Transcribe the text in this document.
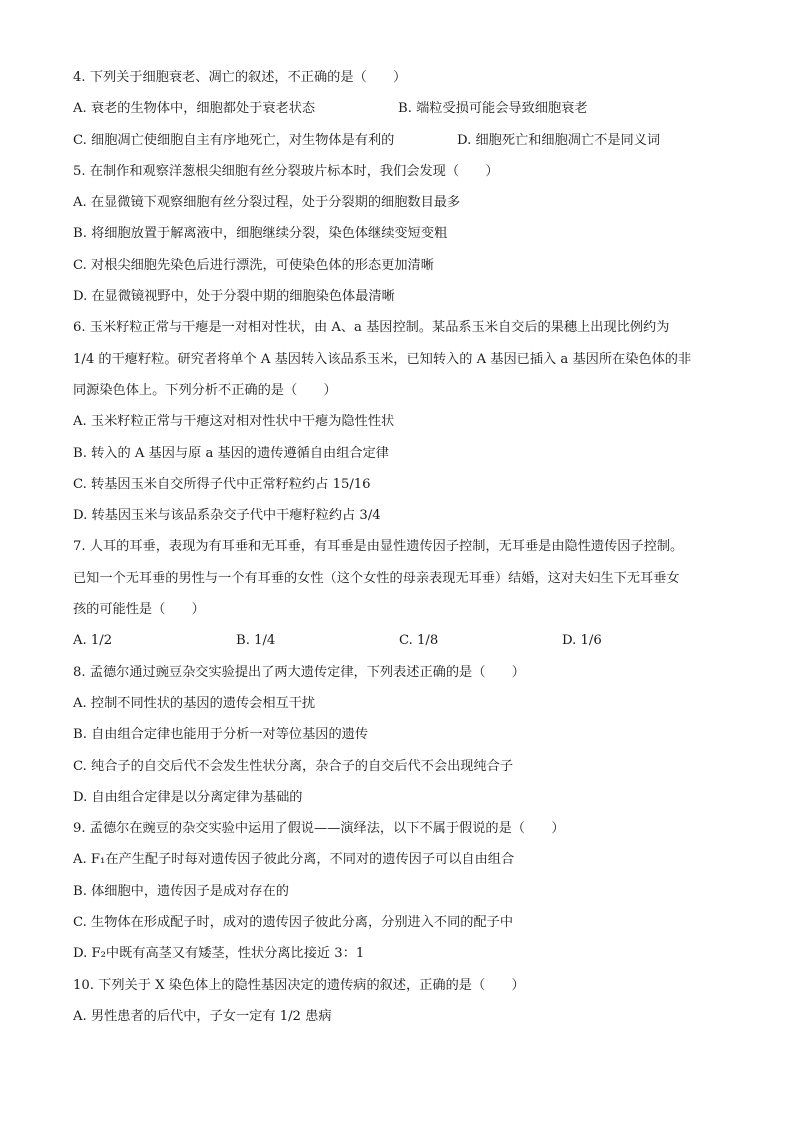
4. 下列关于细胞衰老、凋亡的叙述，不正确的是（　　）
A. 衰老的生物体中，细胞都处于衰老状态	B. 端粒受损可能会导致细胞衰老
C. 细胞凋亡使细胞自主有序地死亡，对生物体是有利的	D. 细胞死亡和细胞凋亡不是同义词
5. 在制作和观察洋葱根尖细胞有丝分裂玻片标本时，我们会发现（　　）
A. 在显微镜下观察细胞有丝分裂过程，处于分裂期的细胞数目最多
B. 将细胞放置于解离液中，细胞继续分裂，染色体继续变短变粗
C. 对根尖细胞先染色后进行漂洗，可使染色体的形态更加清晰
D. 在显微镜视野中，处于分裂中期的细胞染色体最清晰
6. 玉米籽粒正常与干瘪是一对相对性状，由 A、a 基因控制。某品系玉米自交后的果穗上出现比例约为
1/4 的干瘪籽粒。研究者将单个 A 基因转入该品系玉米，已知转入的 A 基因已插入 a 基因所在染色体的非
同源染色体上。下列分析不正确的是（　　）
A. 玉米籽粒正常与干瘪这对相对性状中干瘪为隐性性状
B. 转入的 A 基因与原 a 基因的遗传遵循自由组合定律
C. 转基因玉米自交所得子代中正常籽粒约占 15/16
D. 转基因玉米与该品系杂交子代中干瘪籽粒约占 3/4
7. 人耳的耳垂，表现为有耳垂和无耳垂，有耳垂是由显性遗传因子控制，无耳垂是由隐性遗传因子控制。
已知一个无耳垂的男性与一个有耳垂的女性（这个女性的母亲表现无耳垂）结婚，这对夫妇生下无耳垂女
孩的可能性是（　　）
A. 1/2	B. 1/4	C. 1/8	D. 1/6
8. 孟德尔通过豌豆杂交实验提出了两大遗传定律，下列表述正确的是（　　）
A. 控制不同性状的基因的遗传会相互干扰
B. 自由组合定律也能用于分析一对等位基因的遗传
C. 纯合子的自交后代不会发生性状分离，杂合子的自交后代不会出现纯合子
D. 自由组合定律是以分离定律为基础的
9. 孟德尔在豌豆的杂交实验中运用了假说——演绎法，以下不属于假说的是（　　）
A. F₁在产生配子时每对遗传因子彼此分离，不同对的遗传因子可以自由组合
B. 体细胞中，遗传因子是成对存在的
C. 生物体在形成配子时，成对的遗传因子彼此分离，分别进入不同的配子中
D. F₂中既有高茎又有矮茎，性状分离比接近 3：1
10. 下列关于 X 染色体上的隐性基因决定的遗传病的叙述，正确的是（　　）
A. 男性患者的后代中，子女一定有 1/2 患病
